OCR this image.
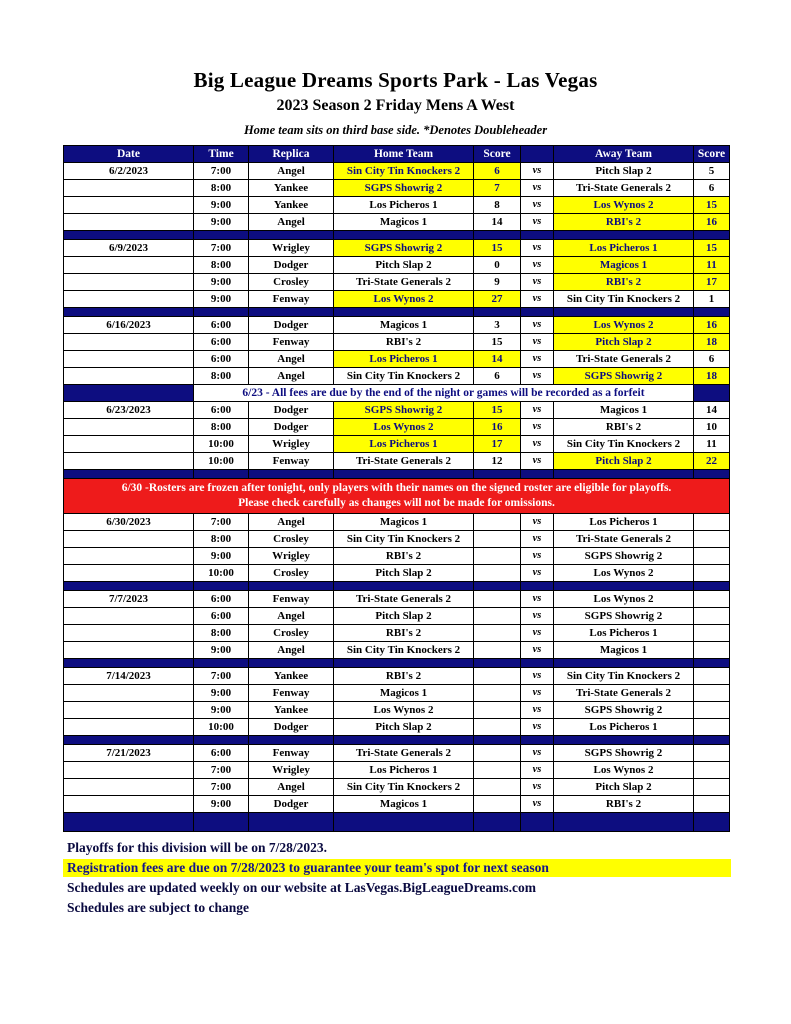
Big League Dreams Sports Park - Las Vegas
2023 Season 2 Friday Mens A West
Home team sits on third base side. *Denotes Doubleheader
Date	Time	Replica	Home Team	Score		Away Team	Score
6/2/2023	7:00	Angel	Sin City Tin Knockers 2	6	vs	Pitch Slap 2	5
	8:00	Yankee	SGPS Showrig 2	7	vs	Tri-State Generals 2	6
	9:00	Yankee	Los Picheros 1	8	vs	Los Wynos 2	15
	9:00	Angel	Magicos 1	14	vs	RBI's 2	16

6/9/2023	7:00	Wrigley	SGPS Showrig 2	15	vs	Los Picheros 1	15
	8:00	Dodger	Pitch Slap 2	0	vs	Magicos 1	11
	9:00	Crosley	Tri-State Generals 2	9	vs	RBI's 2	17
	9:00	Fenway	Los Wynos 2	27	vs	Sin City Tin Knockers 2	1

6/16/2023	6:00	Dodger	Magicos 1	3	vs	Los Wynos 2	16
	6:00	Fenway	RBI's 2	15	vs	Pitch Slap 2	18
	6:00	Angel	Los Picheros 1	14	vs	Tri-State Generals 2	6
	8:00	Angel	Sin City Tin Knockers 2	6	vs	SGPS Showrig 2	18
	6/23 - All fees are due by the end of the night or games will be recorded as a forfeit						
6/23/2023	6:00	Dodger	SGPS Showrig 2	15	vs	Magicos 1	14
	8:00	Dodger	Los Wynos 2	16	vs	RBI's 2	10
	10:00	Wrigley	Los Picheros 1	17	vs	Sin City Tin Knockers 2	11
	10:00	Fenway	Tri-State Generals 2	12	vs	Pitch Slap 2	22

6/30 -Rosters are frozen after tonight, only players with their names on the signed roster are eligible for playoffs.
Please check carefully as changes will not be made for omissions.							

6/30/2023	7:00	Angel	Magicos 1		vs	Los Picheros 1	
	8:00	Crosley	Sin City Tin Knockers 2		vs	Tri-State Generals 2	
	9:00	Wrigley	RBI's 2		vs	SGPS Showrig 2	
	10:00	Crosley	Pitch Slap 2		vs	Los Wynos 2	

7/7/2023	6:00	Fenway	Tri-State Generals 2		vs	Los Wynos 2	
	6:00	Angel	Pitch Slap 2		vs	SGPS Showrig 2	
	8:00	Crosley	RBI's 2		vs	Los Picheros 1	
	9:00	Angel	Sin City Tin Knockers 2		vs	Magicos 1	

7/14/2023	7:00	Yankee	RBI's 2		vs	Sin City Tin Knockers 2	
	9:00	Fenway	Magicos 1		vs	Tri-State Generals 2	
	9:00	Yankee	Los Wynos 2		vs	SGPS Showrig 2	
	10:00	Dodger	Pitch Slap 2		vs	Los Picheros 1	

7/21/2023	6:00	Fenway	Tri-State Generals 2		vs	SGPS Showrig 2	
	7:00	Wrigley	Los Picheros 1		vs	Los Wynos 2	
	7:00	Angel	Sin City Tin Knockers 2		vs	Pitch Slap 2	
	9:00	Dodger	Magicos 1		vs	RBI's 2	

Playoffs for this division will be on 7/28/2023.
Registration fees are due on 7/28/2023 to guarantee your team's spot for next season
Schedules are updated weekly on our website at LasVegas.BigLeagueDreams.com
Schedules are subject to change
